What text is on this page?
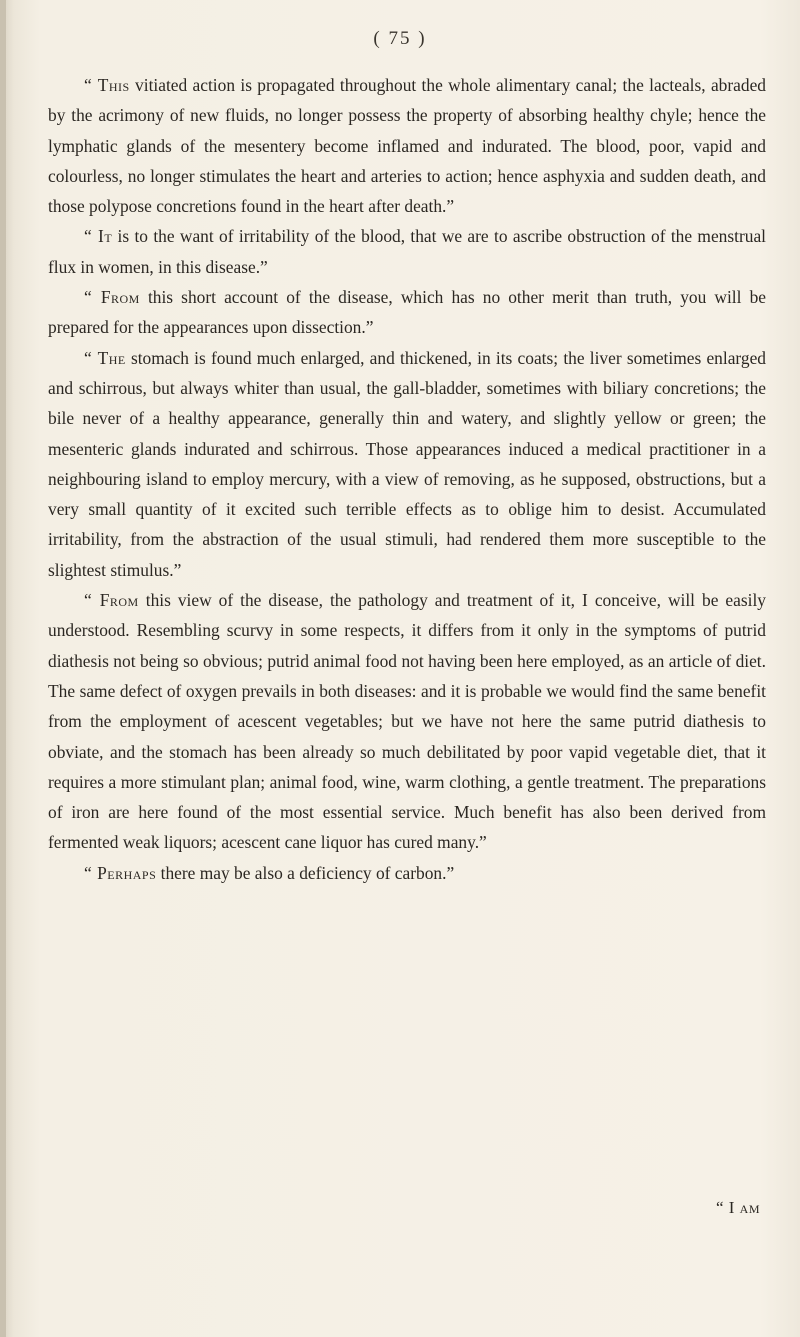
( 75 )

“ This vitiated action is propagated throughout the whole alimentary canal; the lacteals, abraded by the acrimony of new fluids, no longer possess the property of absorbing healthy chyle; hence the lymphatic glands of the mesentery become inflamed and indurated. The blood, poor, vapid and colourless, no longer stimulates the heart and arteries to action; hence asphyxia and sudden death, and those polypose concretions found in the heart after death.”

“ It is to the want of irritability of the blood, that we are to ascribe obstruction of the menstrual flux in women, in this disease.”

“ From this short account of the disease, which has no other merit than truth, you will be prepared for the appearances upon dissection.”

“ The stomach is found much enlarged, and thickened, in its coats; the liver sometimes enlarged and schirrous, but always whiter than usual, the gall-bladder, sometimes with biliary concretions; the bile never of a healthy appearance, generally thin and watery, and slightly yellow or green; the mesenteric glands indurated and schirrous. Those appearances induced a medical practitioner in a neighbouring island to employ mercury, with a view of removing, as he supposed, obstructions, but a very small quantity of it excited such terrible effects as to oblige him to desist. Accumulated irritability, from the abstraction of the usual stimuli, had rendered them more susceptible to the slightest stimulus.”

“ From this view of the disease, the pathology and treatment of it, I conceive, will be easily understood. Resembling scurvy in some respects, it differs from it only in the symptoms of putrid diathesis not being so obvious; putrid animal food not having been here employed, as an article of diet. The same defect of oxygen prevails in both diseases: and it is probable we would find the same benefit from the employment of acescent vegetables; but we have not here the same putrid diathesis to obviate, and the stomach has been already so much debilitated by poor vapid vegetable diet, that it requires a more stimulant plan; animal food, wine, warm clothing, a gentle treatment. The preparations of iron are here found of the most essential service. Much benefit has also been derived from fermented weak liquors; acescent cane liquor has cured many.”

“ Perhaps there may be also a deficiency of carbon.”

“ I am
